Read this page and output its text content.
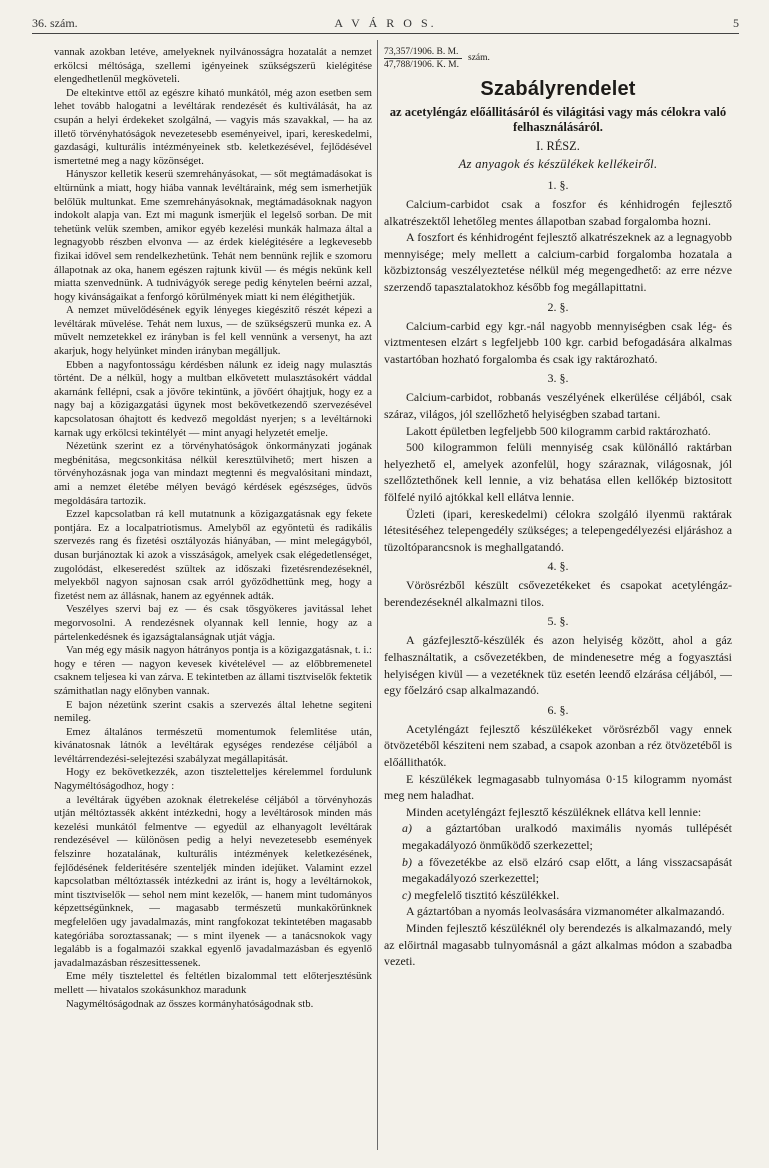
36. szám.	A V Á R O S.	5

vannak azokban letéve, amelyeknek nyilvánosságra hozatalát a nemzet erkölcsi méltósága, szellemi igényeinek szükségszerü kielégitése elengedhetlenül megköveteli.

De eltekintve ettől az egészre kiható munkától, még azon esetben sem lehet tovább halogatni a levéltárak rendezését és kultiválását, ha az csupán a helyi érdekeket szolgálná, — vagyis más szavakkal, — ha az illető törvényhatóságok nevezetesebb eseményeivel, ipari, kereskedelmi, gazdasági, kulturális intézményeinek stb. keletkezésével, fejlődésével ismertetné meg a nagy közönséget.

Hányszor kelletik keserü szemrehányásokat, — sőt megtámadásokat is eltürnünk a miatt, hogy hiába vannak levéltáraink, még sem ismerhetjük belőlük multunkat. Eme szemrehányásoknak, megtámadásoknak nagyon indokolt alapja van. Ezt mi magunk ismerjük el legelső sorban. De mit tehetünk velük szemben, amikor egyéb kezelési munkák halmaza által a legnagyobb részben elvonva — az érdek kielégitésére a legkevesebb fizikai idővel sem rendelkezhetünk. Tehát nem bennünk rejlik e szomoru állapotnak az oka, hanem egészen rajtunk kivül — és mégis nekünk kell miatta szenvednünk. A tudnivágyók serege pedig kénytelen beérni azzal, hogy kivánságaikat a fenforgó körülmények miatt ki nem élégithetjük.

A nemzet müvelődésének egyik lényeges kiegészitő részét képezi a levéltárak müvelése. Tehát nem luxus, — de szükségszerü munka ez. A müvelt nemzetekkel ez irányban is fel kell vennünk a versenyt, ha azt akarjuk, hogy helyünket minden irányban megálljuk.

Ebben a nagyfontosságu kérdésben nálunk ez ideig nagy mulasztás történt. De a nélkül, hogy a multban elkövetett mulasztásokért váddal akarnánk fellépni, csak a jövőre tekintünk, a jövőért óhajtjuk, hogy ez a nagy baj a közigazgatási ügynek most bekövetkezendő szervezésével kapcsolatosan óhajtott és kedvező megoldást nyerjen; s a levéltárnoki karnak ugy erkölcsi tekintélyét — mint anyagi helyzetét emelje.

Nézetünk szerint ez a törvényhatóságok önkormányzati jogának megbénitása, megcsonkitása nélkül keresztülvihető; mert hiszen a törvényhozásnak joga van mindazt megtenni és megvalósitani mindazt, ami a nemzet életébe mélyen bevágó kérdések egészséges, üdvös megoldására tartozik.

Ezzel kapcsolatban rá kell mutatnunk a közigazgatásnak egy fekete pontjára. Ez a localpatriotismus. Amelyből az egyöntetü és radikális szervezés rang és fizetési osztályozás hiányában, — mint melegágyból, dusan burjánoztak ki azok a visszáságok, amelyek csak elégedetlenséget, zugolódást, elkeseredést szültek az időszaki fizetésrendezéseknél, melyekből nagyon sajnosan csak arról győződhettünk meg, hogy a fizetést nem az állásnak, hanem az egyénnek adták.

Veszélyes szervi baj ez — és csak tősgyökeres javitással lehet megorvosolni. A rendezésnek olyannak kell lennie, hogy az a pártelenkedésnek és igazságtalanságnak utját vágja.

Van még egy másik nagyon hátrányos pontja is a közigazgatásnak, t. i.: hogy e téren — nagyon kevesek kivételével — az előbbremenetel csaknem teljesea ki van zárva. E tekintetben az állami tisztviselők fektetik számithatlan nagy előnyben vannak.

E bajon nézetünk szerint csakis a szervezés által lehetne segiteni nemileg.

Emez általános természetü momentumok felemlitése után, kivánatosnak látnók a levéltárak egységes rendezése céljából a levéltárrendezési-selejtezési szabályzat megállapitását.

Hogy ez bekövetkezzék, azon tisztelettelјes kérelemmel fordulunk Nagyméltóságodhoz, hogy :

a levéltárak ügyében azoknak életrekelése céljából a törvényhozás utján méltóztassék akként intézkedni, hogy a levéltárosok minden más kezelési munkától felmentve — egyedül az elhanyagolt levéltárak rendezésével — különösen pedig a helyi nevezetesebb események felszinre hozatalának, kulturális intézmények keletkezésének, fejlődésének felderitésére szenteljék minden idejüket. Valamint ezzel kapcsolatban méltóztassék intézkedni az iránt is, hogy a levéltárnokok, mint tisztviselők — sehol nem mint kezelők, — hanem mint tudományos képzettségünknek, — magasabb természetü munkakörünknek megfelelően ugy javadalmazás, mint rangfokozat tekintetében magasabb kategóriába soroztassanak; — s mint ilyenek — a tanácsnokok vagy legalább is a fogalmazói szakkal egyenlő javadalmazásban és egyenlő javadalmazásban részesittessenek.

Eme mély tisztelettel és feltétlen bizalommal tett előterjesztésünk mellett — hivatalos szokásunkhoz maradunk

Nagyméltóságodnak az ősszes kormányhatóságodnak stb.

73,357/1906. B. M.
47,788/1906. K. M.
szám.
Szabályrendelet

az acetyléngáz előállitásáról és világitási vagy más célokra való felhasználásáról.

I. RÉSZ.
Az anyagok és készülékek kellékeiről.
1. §.

Calcium-carbidot csak a foszfor és kénhidrogén fejlesztő alkatrészektől lehetőleg mentes állapotban szabad forgalomba hozni.

A foszfort és kénhidrogént fejlesztő alkatrészeknek az a legnagyobb mennyisége; mely mellett a calcium-carbid forgalomba hozatala a közbiztonság veszélyeztetése nélkül még megengedhető: az erre nézve szerzendő tapasztalatokhoz később fog megállapittatni.

2. §.

Calcium-carbid egy kgr.-nál nagyobb mennyiségben csak lég- és viztmentesen elzárt s legfeljebb 100 kgr. carbid befogadására alkalmas vastartóban hozható forgalomba és csak igy raktározható.

3. §.

Calcium-carbidot, robbanás veszélyének elkerülése céljából, csak száraz, világos, jól szellőzhető helyiségben szabad tartani.

Lakott épületben legfeljebb 500 kilogramm carbid raktározható.

500 kilogrammon felüli mennyiség csak különálló raktárban helyezhető el, amelyek azonfelül, hogy száraznak, világosnak, jól szellőztethőnek kell lennie, a viz behatása ellen kellőkép biztositott fölfelé nyiló ajtókkal kell ellátva lennie.

Üzleti (ipari, kereskedelmi) célokra szolgáló ilyenmü raktárak létesitéséhez telepengedély szükséges; a telepengedélyezési eljáráshoz a tüzoltóparancsnok is meghallgatandó.

4. §.

Vörösrézből készült csővezetékeket és csapokat acetyléngáz-berendezéseknél alkalmazni tilos.

5. §.

A gázfejlesztő-készülék és azon helyiség között, ahol a gáz felhasználtatik, a csővezetékben, de mindenesetre még a fogyasztási helyiségen kivül — a vezetéknek tüz esetén leendő elzárása céljából, — egy főelzáró csap alkalmazandó.

6. §.

Acetyléngázt fejlesztő készülékeket vörösrézből vagy ennek ötvözetéből késziteni nem szabad, a csapok azonban a réz ötvözetéből is előállithatók.

E készülékek legmagasabb tulnyomása 0·15 kilogramm nyomást meg nem haladhat.

Minden acetyléngázt fejlesztő készüléknek ellátva kell lennie:

a) a gáztartóban uralkodó maximális nyomás tullépését megakadályozó önműködő szerkezettel;

b) a fővezetékbe az elsö elzáró csap előtt, a láng visszacsapását megakadályozó szerkezettel;

c) megfelelő tisztitó készülékkel.

A gáztartóban a nyomás leolvasására vizmanométer alkalmazandó.

Minden fejlesztő készüléknél oly berendezés is alkalmazandó, mely az előirtnál magasabb tulnyomásnál a gázt alkalmas módon a szabadba vezeti.
